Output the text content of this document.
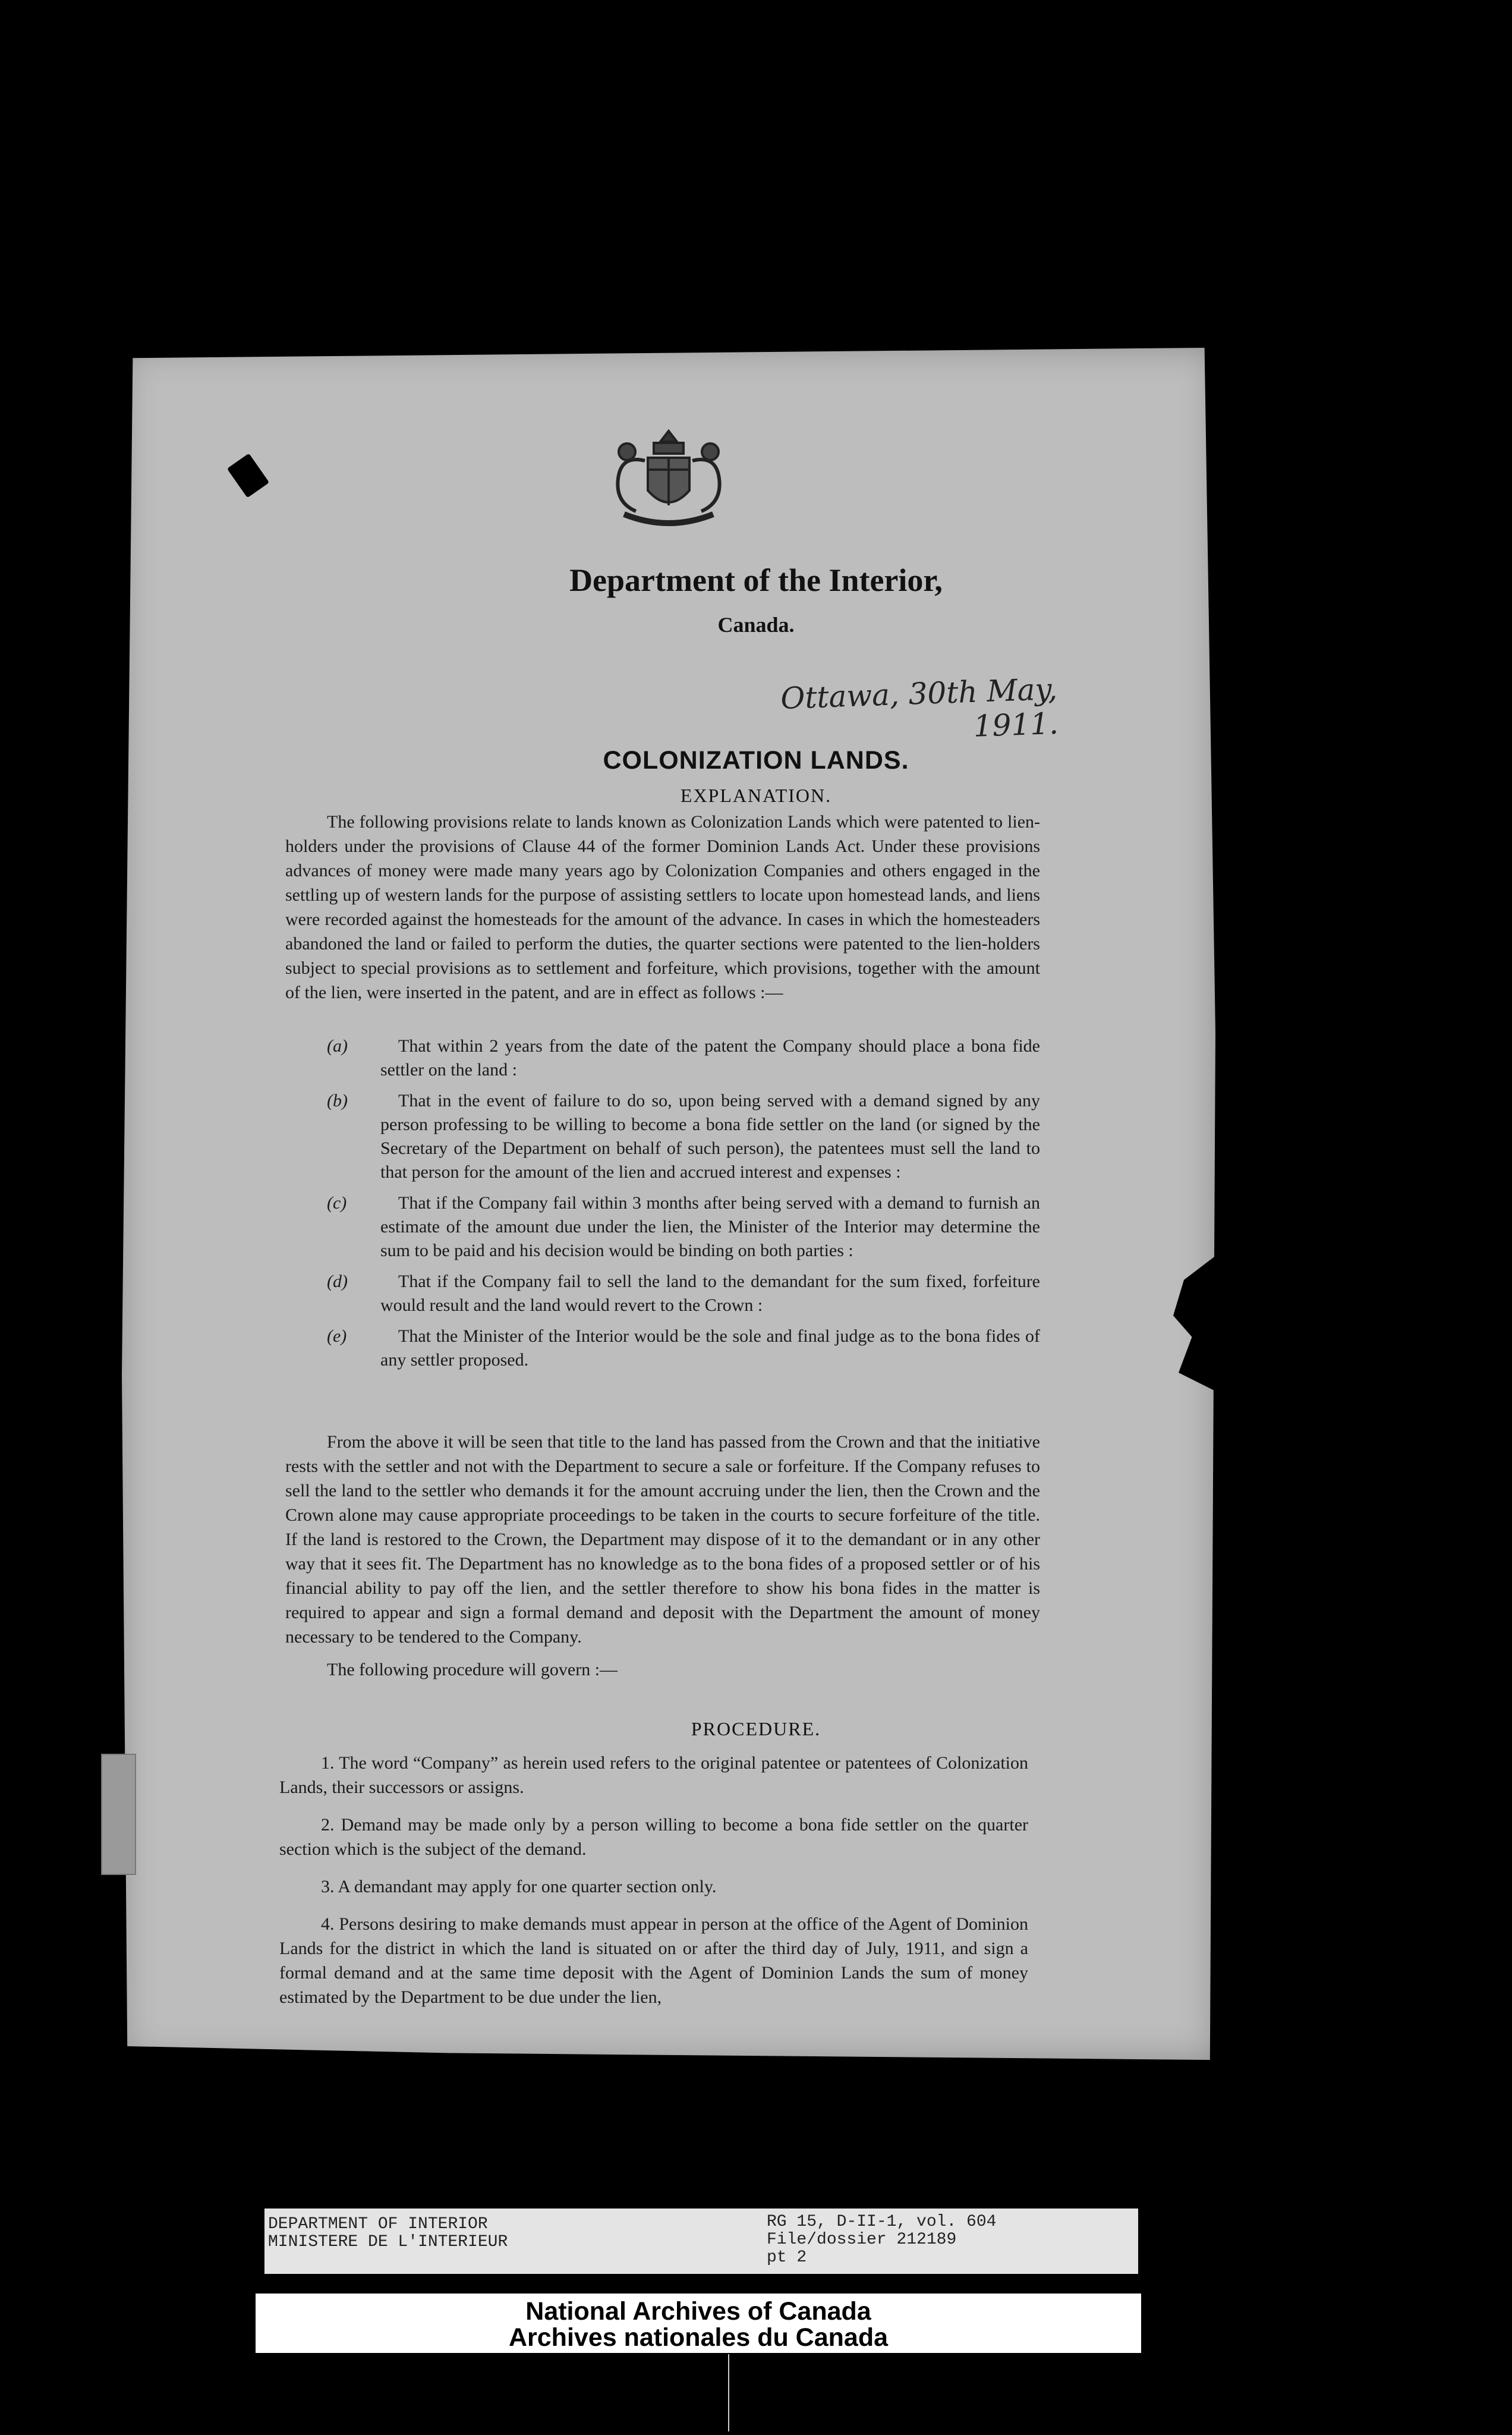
Department of the Interior,
Canada.
Ottawa, 30th May, 1911.
COLONIZATION LANDS.
EXPLANATION.

The following provisions relate to lands known as Colonization Lands which were patented to lien-holders under the provisions of Clause 44 of the former Dominion Lands Act. Under these provisions advances of money were made many years ago by Colonization Companies and others engaged in the settling up of western lands for the purpose of assisting settlers to locate upon homestead lands, and liens were recorded against the homesteads for the amount of the advance. In cases in which the homesteaders abandoned the land or failed to perform the duties, the quarter sections were patented to the lien-holders subject to special provisions as to settlement and forfeiture, which provisions, together with the amount of the lien, were inserted in the patent, and are in effect as follows :—

(a)	That within 2 years from the date of the patent the Company should place a bona fide settler on the land :
(b)	That in the event of failure to do so, upon being served with a demand signed by any person professing to be willing to become a bona fide settler on the land (or signed by the Secretary of the Department on behalf of such person), the patentees must sell the land to that person for the amount of the lien and accrued interest and expenses :
(c)	That if the Company fail within 3 months after being served with a demand to furnish an estimate of the amount due under the lien, the Minister of the Interior may determine the sum to be paid and his decision would be binding on both parties :
(d)	That if the Company fail to sell the land to the demandant for the sum fixed, forfeiture would result and the land would revert to the Crown :
(e)	That the Minister of the Interior would be the sole and final judge as to the bona fides of any settler proposed.

From the above it will be seen that title to the land has passed from the Crown and that the initiative rests with the settler and not with the Department to secure a sale or forfeiture. If the Company refuses to sell the land to the settler who demands it for the amount accruing under the lien, then the Crown and the Crown alone may cause appropriate proceedings to be taken in the courts to secure forfeiture of the title. If the land is restored to the Crown, the Department may dispose of it to the demandant or in any other way that it sees fit. The Department has no knowledge as to the bona fides of a proposed settler or of his financial ability to pay off the lien, and the settler therefore to show his bona fides in the matter is required to appear and sign a formal demand and deposit with the Department the amount of money necessary to be tendered to the Company.

The following procedure will govern :—

PROCEDURE.

1. The word “Company” as herein used refers to the original patentee or patentees of Colonization Lands, their successors or assigns.

2. Demand may be made only by a person willing to become a bona fide settler on the quarter section which is the subject of the demand.

3. A demandant may apply for one quarter section only.

4. Persons desiring to make demands must appear in person at the office of the Agent of Dominion Lands for the district in which the land is situated on or after the third day of July, 1911, and sign a formal demand and at the same time deposit with the Agent of Dominion Lands the sum of money estimated by the Department to be due under the lien,

DEPARTMENT OF INTERIOR
MINISTERE DE L'INTERIEUR
RG 15, D-II-1, vol. 604
File/dossier 212189
pt 2
National Archives of Canada
Archives nationales du Canada
